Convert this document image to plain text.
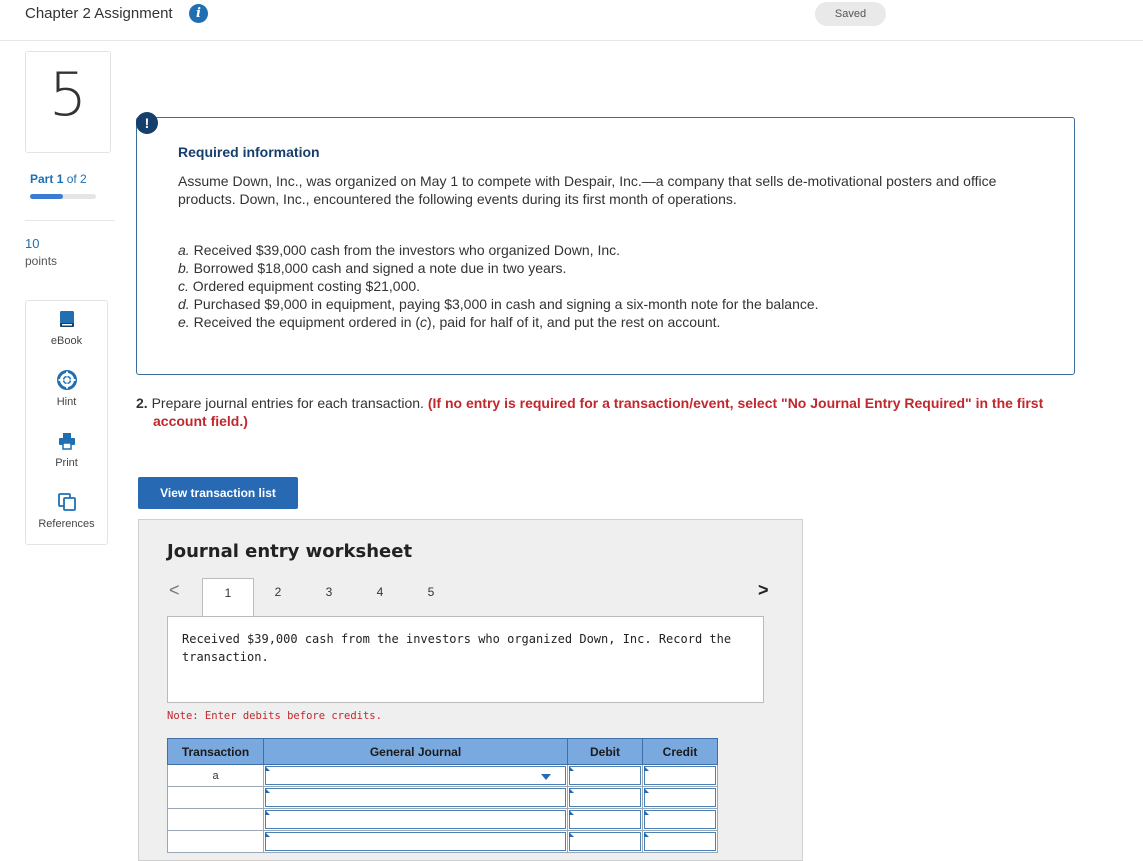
Chapter 2 Assignment	i	Saved
5
Part 1 of 2
10
points
eBook
Hint
Print
References
Required information
Assume Down, Inc., was organized on May 1 to compete with Despair, Inc.—a company that sells de-motivational posters and office products. Down, Inc., encountered the following events during its first month of operations.
a. Received $39,000 cash from the investors who organized Down, Inc.
b. Borrowed $18,000 cash and signed a note due in two years.
c. Ordered equipment costing $21,000.
d. Purchased $9,000 in equipment, paying $3,000 in cash and signing a six-month note for the balance.
e. Received the equipment ordered in (c), paid for half of it, and put the rest on account.
!
2. Prepare journal entries for each transaction. (If no entry is required for a transaction/event, select "No Journal Entry Required" in the first account field.)
View transaction list
Journal entry worksheet
<	1	2	3	4	5	>
Received $39,000 cash from the investors who organized Down, Inc. Record the transaction.
Note: Enter debits before credits.
Transaction	General Journal	Debit	Credit
a	
